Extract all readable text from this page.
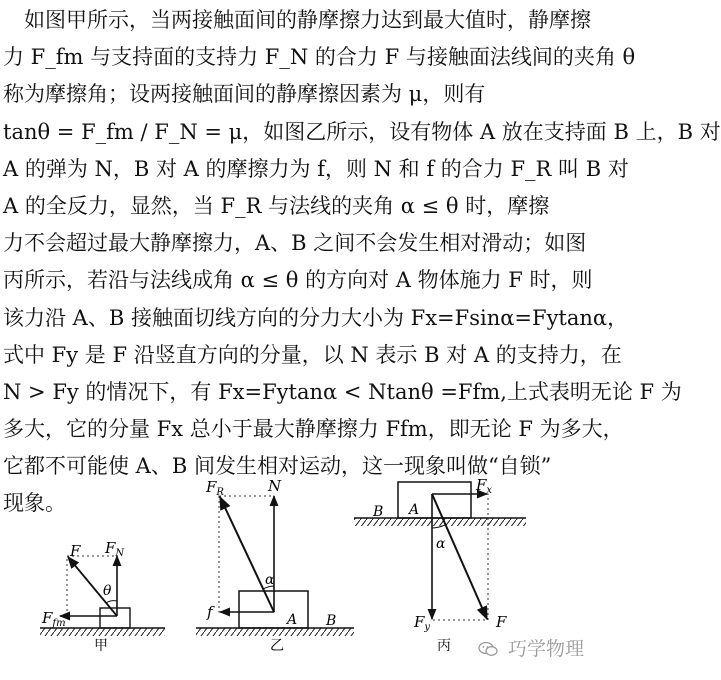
　如图甲所示，当两接触面间的静摩擦力达到最大值时，静摩擦
力 F_fm 与支持面的支持力 F_N 的合力 F 与接触面法线间的夹角 θ
称为摩擦角；设两接触面间的静摩擦因素为 μ，则有
tanθ = F_fm / F_N = μ，如图乙所示，设有物体 A 放在支持面 B 上，B 对
A 的弹为 N，B 对 A 的摩擦力为 f，则 N 和 f 的合力 F_R 叫 B 对
A 的全反力，显然，当 F_R 与法线的夹角 α ≤ θ 时，摩擦
力不会超过最大静摩擦力，A、B 之间不会发生相对滑动；如图
丙所示，若沿与法线成角 α ≤ θ 的方向对 A 物体施力 F 时，则
该力沿 A、B 接触面切线方向的分力大小为 Fx=Fsinα=Fytanα，
式中 Fy 是 F 沿竖直方向的分量，以 N 表示 B 对 A 的支持力，在
N > Fy 的情况下，有 Fx=Fytanα < Ntanθ =Ffm,上式表明无论 F 为
多大，它的分量 Fx 总小于最大静摩擦力 Ffm，即无论 F 为多大，
它都不可能使 A、B 间发生相对运动，这一现象叫做“自锁”
现象。
F $F_N$
θ
$F_{fm}$
甲
$F_R$	N
α
f	A B
乙
B A
$F_x$
α
$F_y$	F
丙	巧学物理
